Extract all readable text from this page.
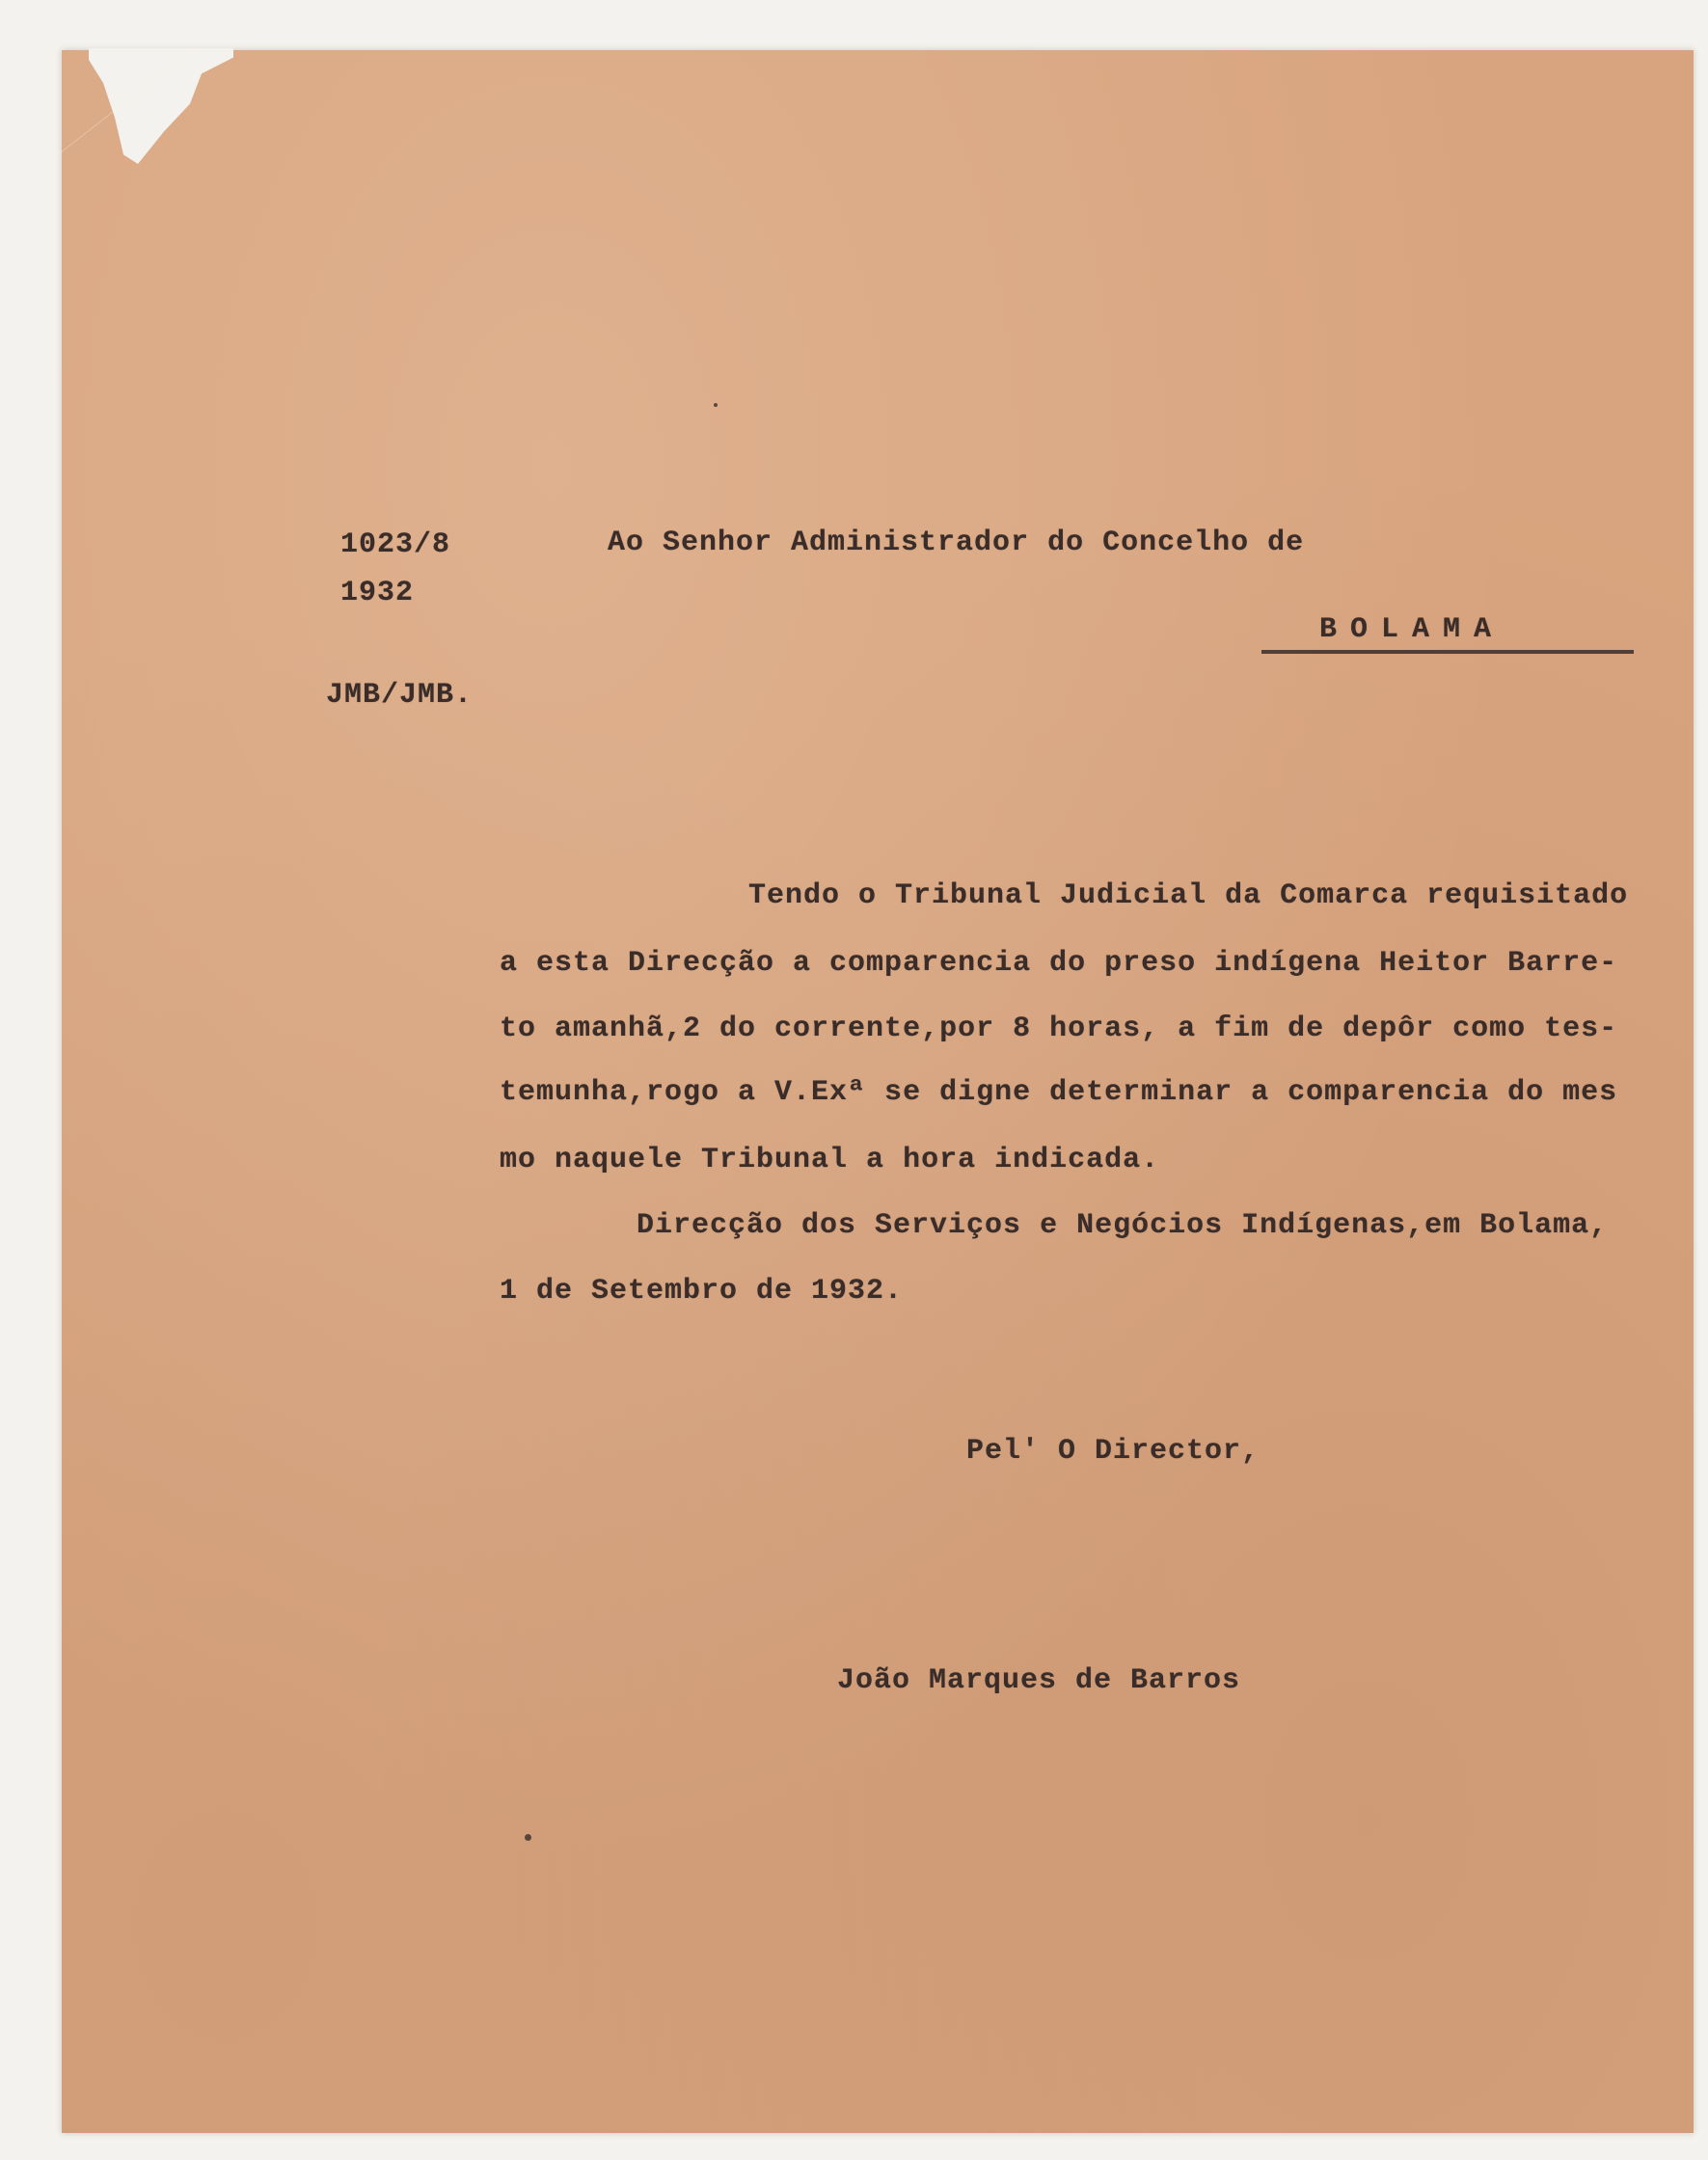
1023/8
1932
JMB/JMB.
Ao Senhor Administrador do Concelho de
BOLAMA
Tendo o Tribunal Judicial da Comarca requisitado
a esta Direcção a comparencia do preso indígena Heitor Barre-
to amanhã,2 do corrente,por 8 horas, a fim de depôr como tes-
temunha,rogo a V.Exª se digne determinar a comparencia do mes
mo naquele Tribunal a hora indicada.
Direcção dos Serviços e Negócios Indígenas,em Bolama,
1 de Setembro de 1932.
Pel' O Director,
João Marques de Barros
